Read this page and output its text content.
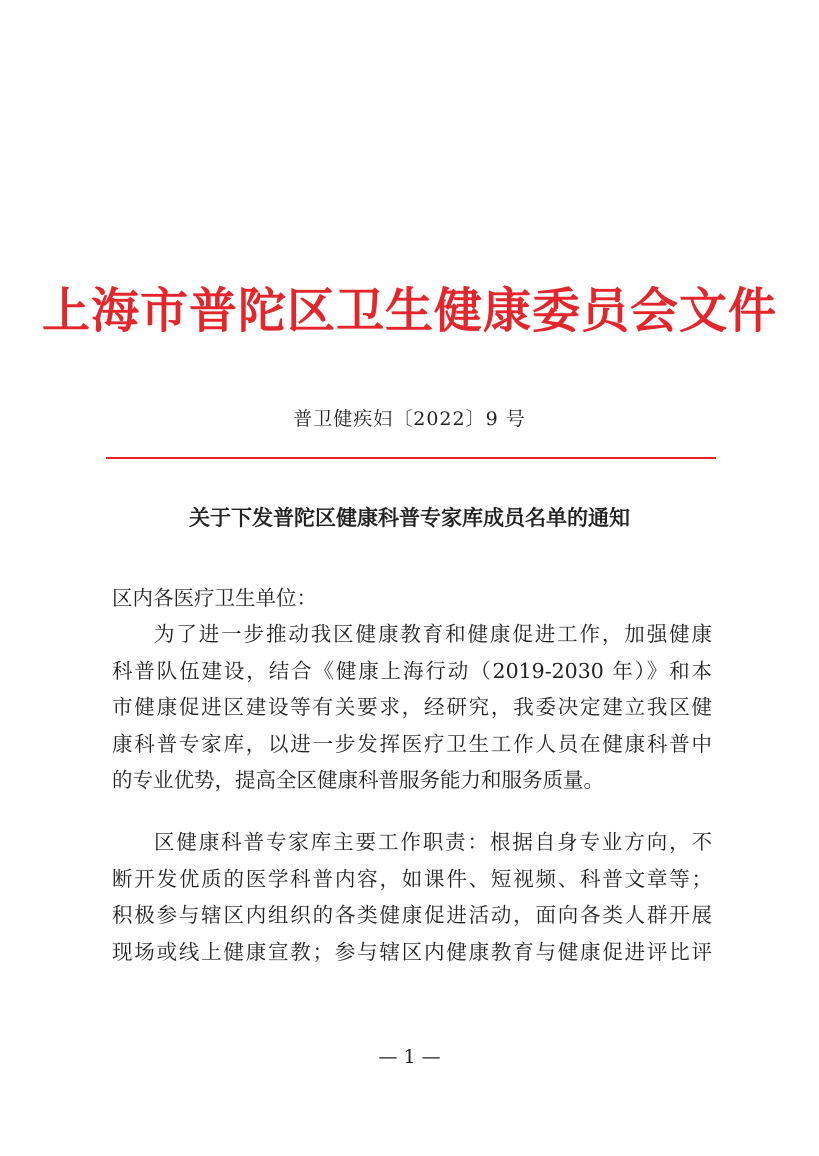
上海市普陀区卫生健康委员会文件
普卫健疾妇〔2022〕9 号
关于下发普陀区健康科普专家库成员名单的通知
区内各医疗卫生单位：
为了进一步推动我区健康教育和健康促进工作，加强健康
科普队伍建设，结合《健康上海行动（2019-2030 年）》和本
市健康促进区建设等有关要求，经研究，我委决定建立我区健
康科普专家库，以进一步发挥医疗卫生工作人员在健康科普中
的专业优势，提高全区健康科普服务能力和服务质量。
区健康科普专家库主要工作职责：根据自身专业方向，不
断开发优质的医学科普内容，如课件、短视频、科普文章等；
积极参与辖区内组织的各类健康促进活动，面向各类人群开展
现场或线上健康宣教；参与辖区内健康教育与健康促进评比评
— 1 —
